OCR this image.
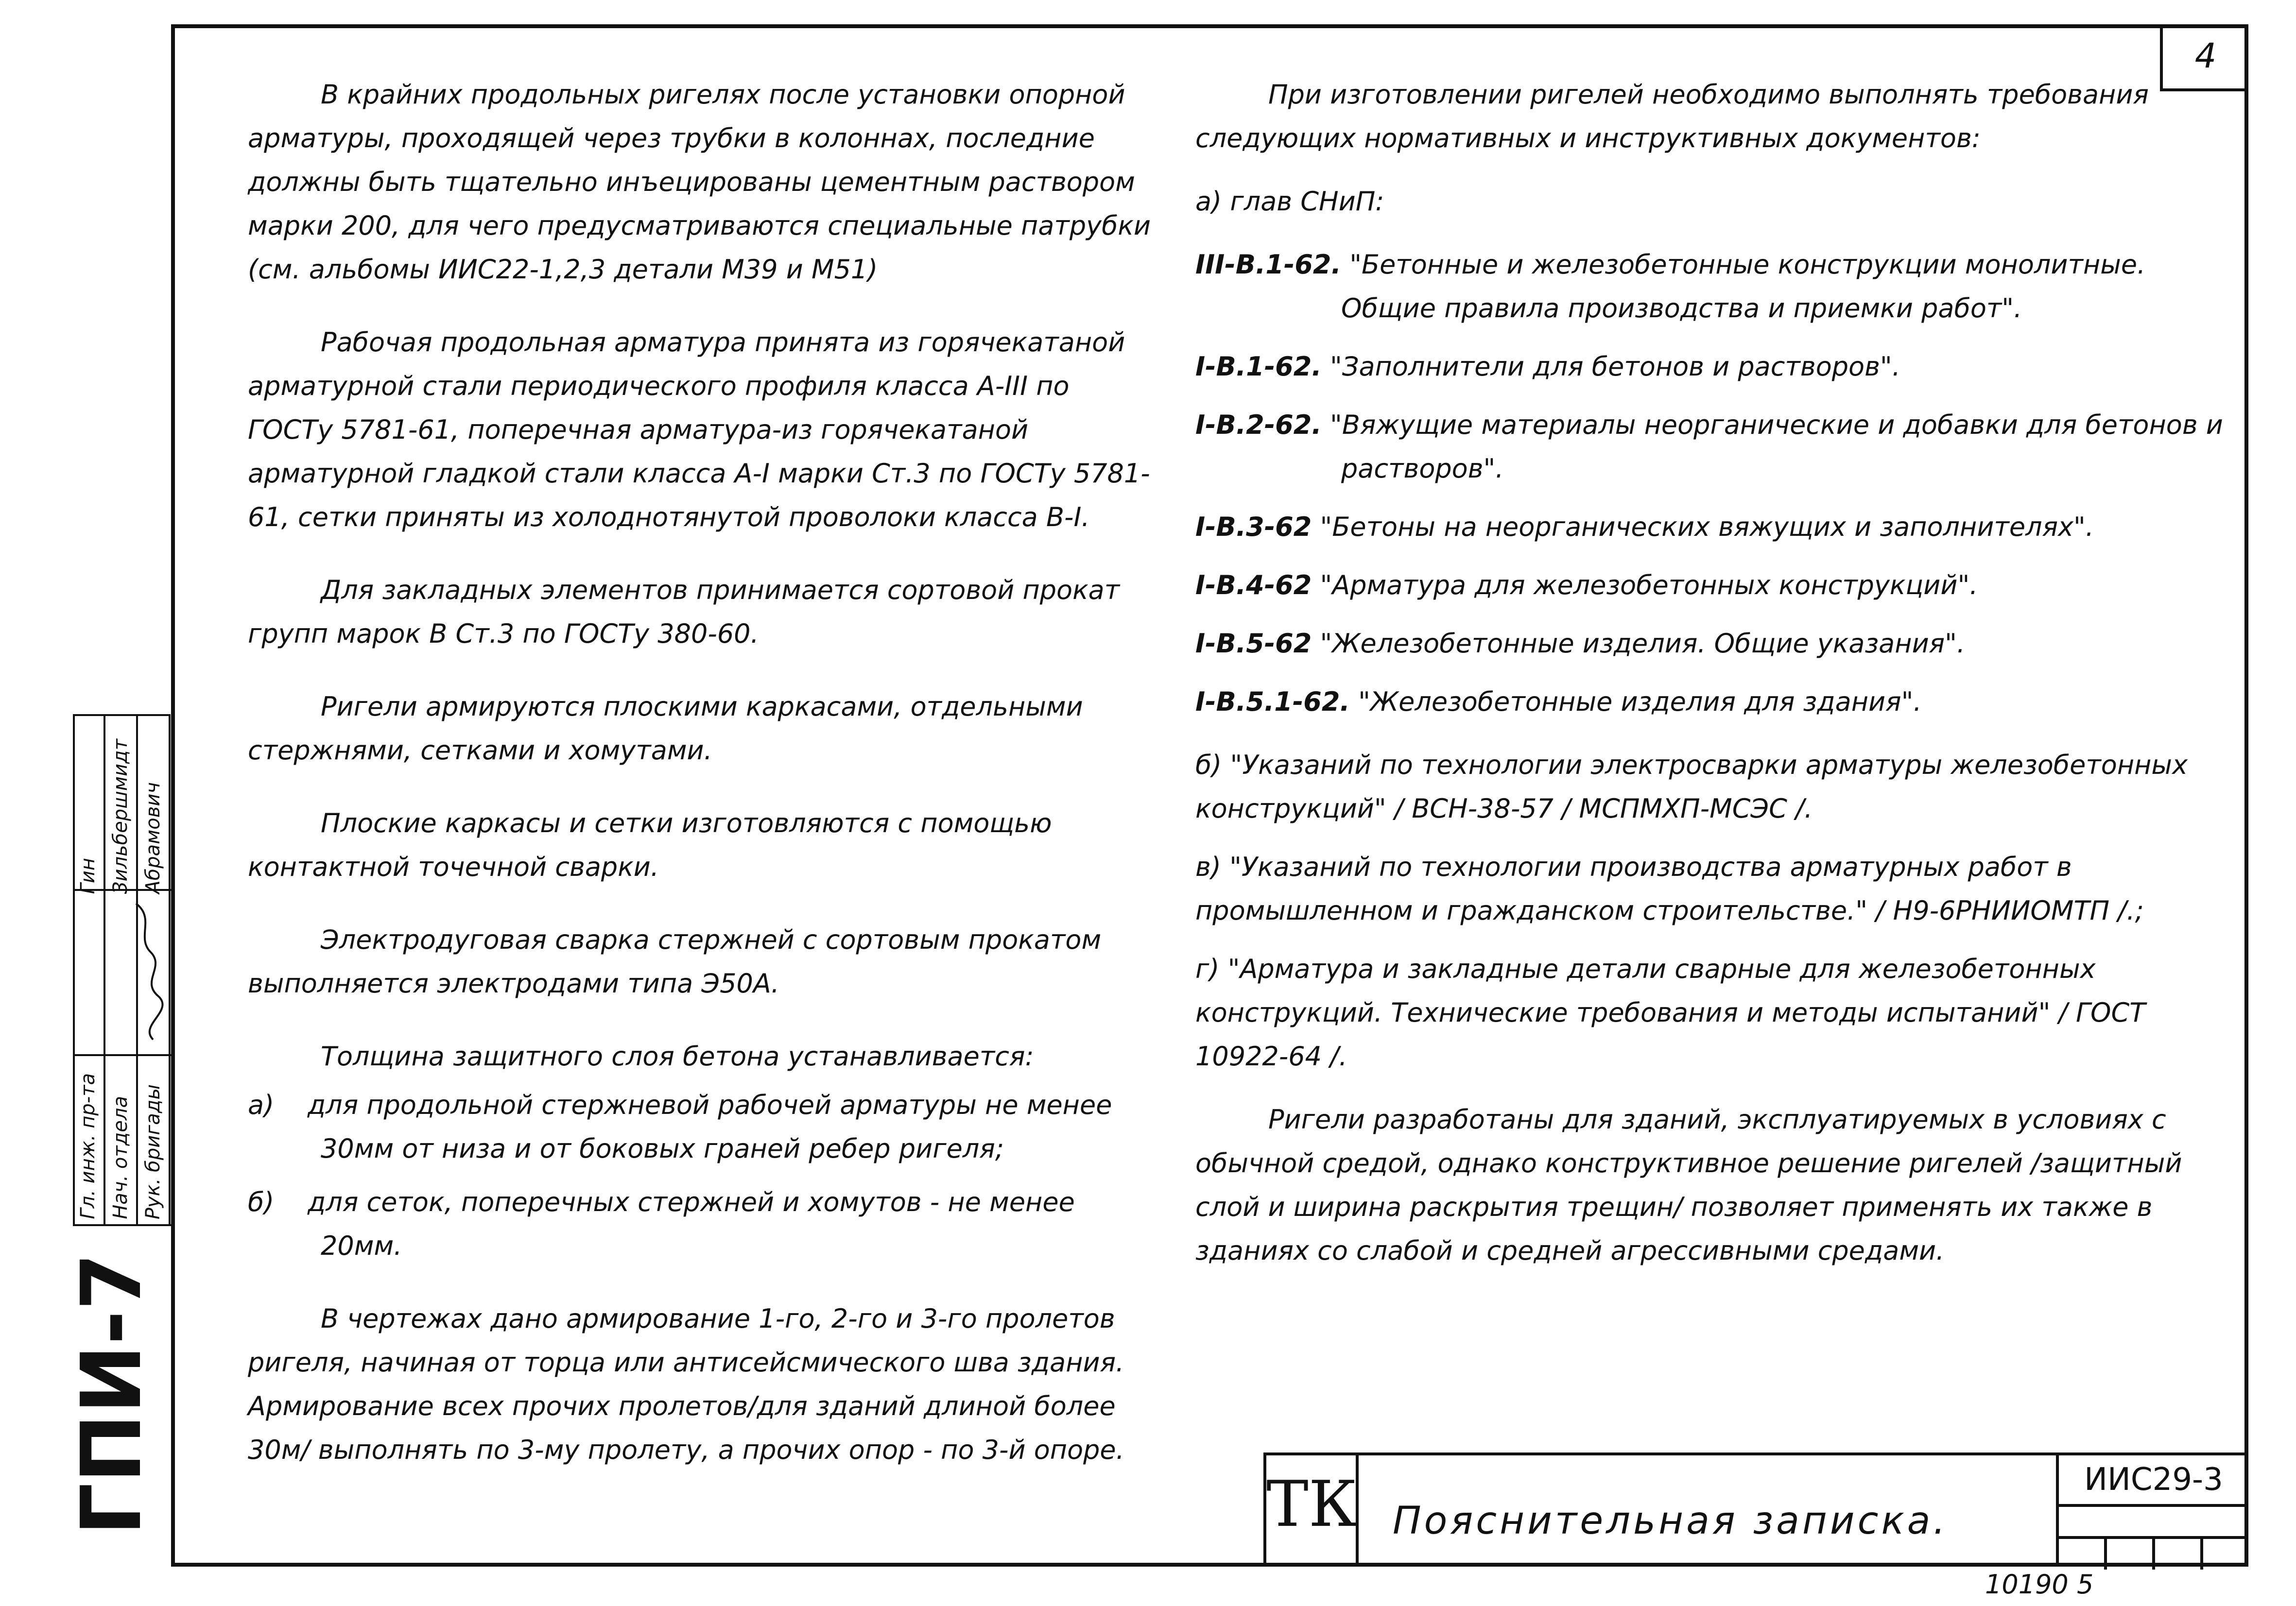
4

В крайних продольных ригелях после установки опорной арматуры, проходящей через трубки в колоннах, последние должны быть тщательно инъецированы цементным раствором марки 200, для чего предусматриваются специальные патрубки (см. альбомы ИИС22-1,2,3 детали М39 и М51)

Рабочая продольная арматура принята из горячекатаной арматурной стали периодического профиля класса А-III по ГОСТу 5781-61, поперечная арматура-из горячекатаной арматурной гладкой стали класса А-I марки Ст.3 по ГОСТу 5781-61, сетки приняты из холоднотянутой проволоки класса В-I.

Для закладных элементов принимается сортовой прокат групп марок В Ст.3 по ГОСТу 380-60.

Ригели армируются плоскими каркасами, отдельными стержнями, сетками и хомутами.

Плоские каркасы и сетки изготовляются с помощью контактной точечной сварки.

Электродуговая сварка стержней с сортовым прокатом выполняется электродами типа Э50А.

Толщина защитного слоя бетона устанавливается:

а) для продольной стержневой рабочей арматуры не менее 30мм от низа и от боковых граней ребер ригеля;

б) для сеток, поперечных стержней и хомутов - не менее 20мм.

В чертежах дано армирование 1-го, 2-го и 3-го пролетов ригеля, начиная от торца или антисейсмического шва здания. Армирование всех прочих пролетов/для зданий длиной более 30м/ выполнять по 3-му пролету, а прочих опор - по 3-й опоре.

При изготовлении ригелей необходимо выполнять требования следующих нормативных и инструктивных документов:

а) глав СНиП:

III-В.1-62. "Бетонные и железобетонные конструкции монолитные. Общие правила производства и приемки работ".

I-В.1-62. "Заполнители для бетонов и растворов".

I-В.2-62. "Вяжущие материалы неорганические и добавки для бетонов и растворов".

I-В.3-62 "Бетоны на неорганических вяжущих и заполнителях".

I-В.4-62 "Арматура для железобетонных конструкций".

I-В.5-62 "Железобетонные изделия. Общие указания".

I-В.5.1-62. "Железобетонные изделия для здания".

б) "Указаний по технологии электросварки арматуры железобетонных конструкций" / ВСН-38-57 / МСПМХП-МСЭС /.

в) "Указаний по технологии производства арматурных работ в промышленном и гражданском строительстве." / Н9-6РНИИОМТП /.;

г) "Арматура и закладные детали сварные для железобетонных конструкций. Технические требования и методы испытаний" / ГОСТ 10922-64 /.

Ригели разработаны для зданий, эксплуатируемых в условиях с обычной средой, однако конструктивное решение ригелей /защитный слой и ширина раскрытия трещин/ позволяет применять их также в зданиях со слабой и средней агрессивными средами.

Гл. инж. пр-та
Гин
Нач. отдела
Зильбершмидт
Рук. бригады
Абрамович
ГПИ-7	ТК Пояснительная записка.
ИИС29-3
10190 5
